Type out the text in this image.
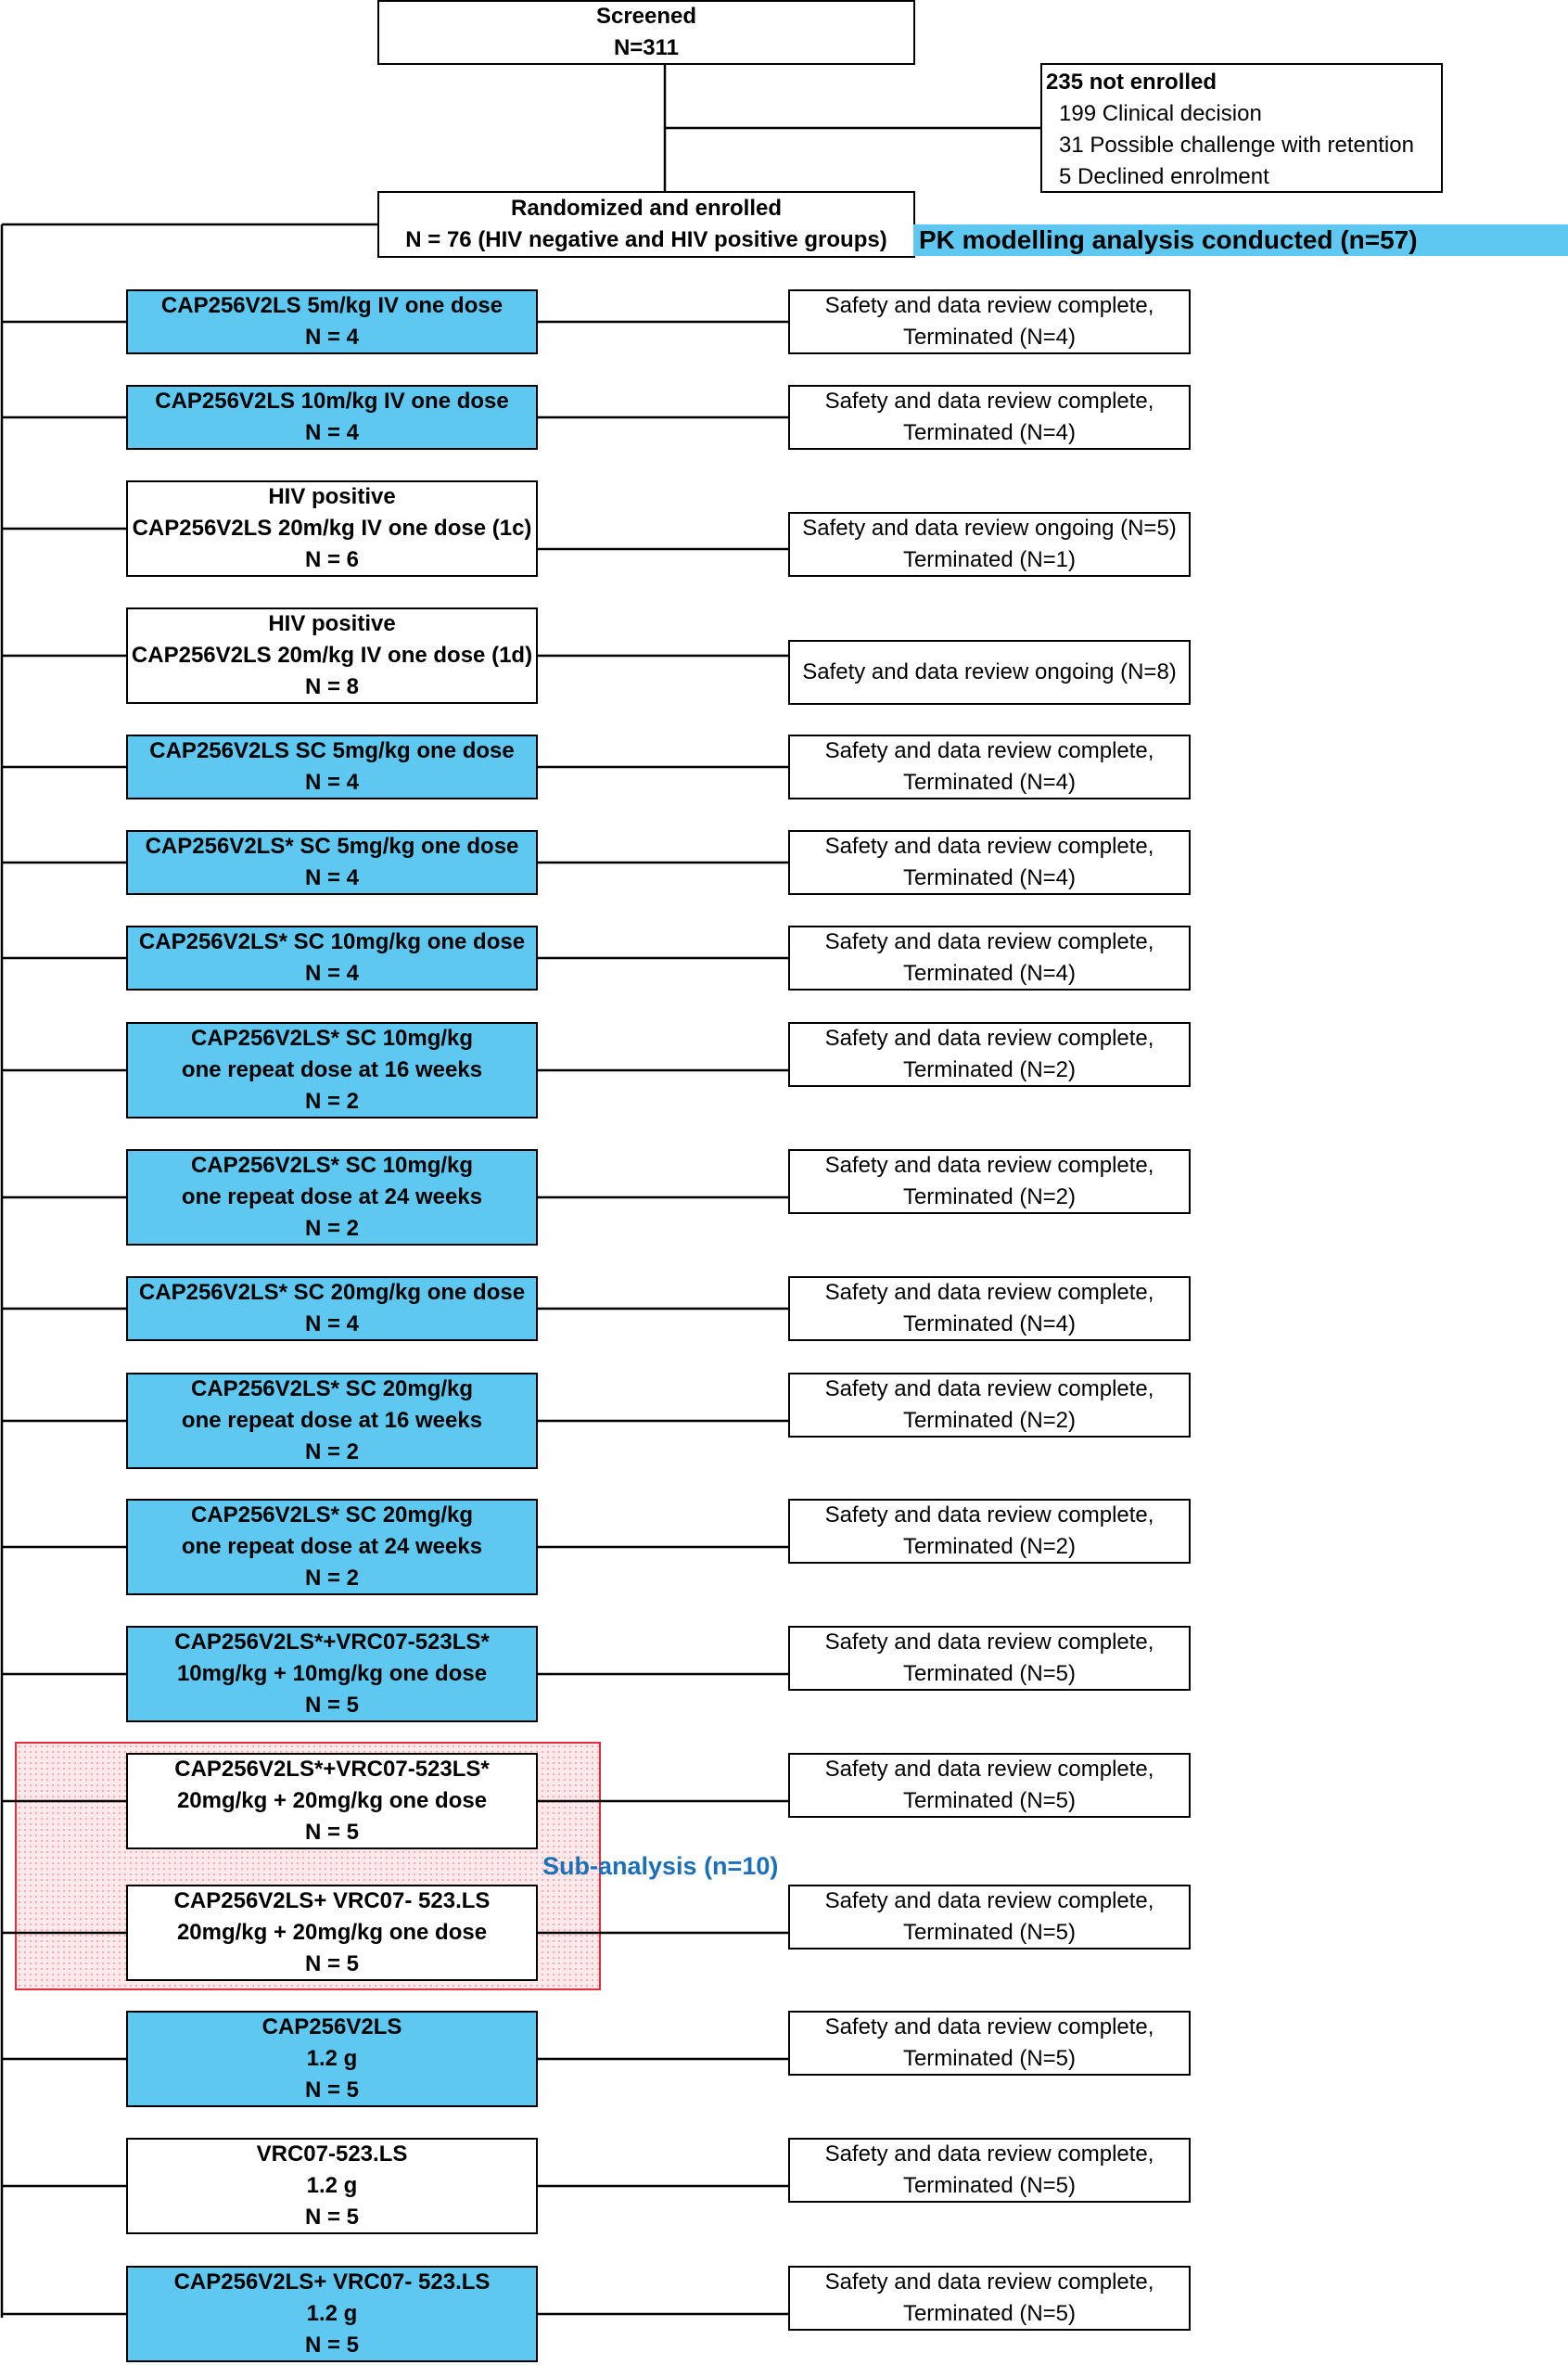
Screened
N=311
235 not enrolled
199 Clinical decision
31 Possible challenge with retention
5 Declined enrolment
Randomized and enrolled
N = 76 (HIV negative and HIV positive groups) PK modelling analysis conducted (n=57)
Sub-analysis (n=10)
CAP256V2LS 5m/kg IV one dose
N = 4
CAP256V2LS 10m/kg IV one dose
N = 4
HIV positive
CAP256V2LS 20m/kg IV one dose (1c)
N = 6
HIV positive
CAP256V2LS 20m/kg IV one dose (1d)
N = 8
CAP256V2LS SC 5mg/kg one dose
N = 4
CAP256V2LS* SC 5mg/kg one dose
N = 4
CAP256V2LS* SC 10mg/kg one dose
N = 4
CAP256V2LS* SC 10mg/kg
one repeat dose at 16 weeks
N = 2
CAP256V2LS* SC 10mg/kg
one repeat dose at 24 weeks
N = 2
CAP256V2LS* SC 20mg/kg one dose
N = 4
CAP256V2LS* SC 20mg/kg
one repeat dose at 16 weeks
N = 2
CAP256V2LS* SC 20mg/kg
one repeat dose at 24 weeks
N = 2
CAP256V2LS*+VRC07-523LS*
10mg/kg + 10mg/kg one dose
N = 5
CAP256V2LS*+VRC07-523LS*
20mg/kg + 20mg/kg one dose
N = 5
CAP256V2LS+ VRC07- 523.LS
20mg/kg + 20mg/kg one dose
N = 5
CAP256V2LS
1.2 g
N = 5
VRC07-523.LS
1.2 g
N = 5
CAP256V2LS+ VRC07- 523.LS
1.2 g
N = 5
Safety and data review complete,
Terminated (N=4)
Safety and data review complete,
Terminated (N=4)
Safety and data review ongoing (N=5)
Terminated (N=1)
Safety and data review ongoing (N=8)
Safety and data review complete,
Terminated (N=4)
Safety and data review complete,
Terminated (N=4)
Safety and data review complete,
Terminated (N=4)
Safety and data review complete,
Terminated (N=2)
Safety and data review complete,
Terminated (N=2)
Safety and data review complete,
Terminated (N=4)
Safety and data review complete,
Terminated (N=2)
Safety and data review complete,
Terminated (N=2)
Safety and data review complete,
Terminated (N=5)
Safety and data review complete,
Terminated (N=5)
Safety and data review complete,
Terminated (N=5)
Safety and data review complete,
Terminated (N=5)
Safety and data review complete,
Terminated (N=5)
Safety and data review complete,
Terminated (N=5)
